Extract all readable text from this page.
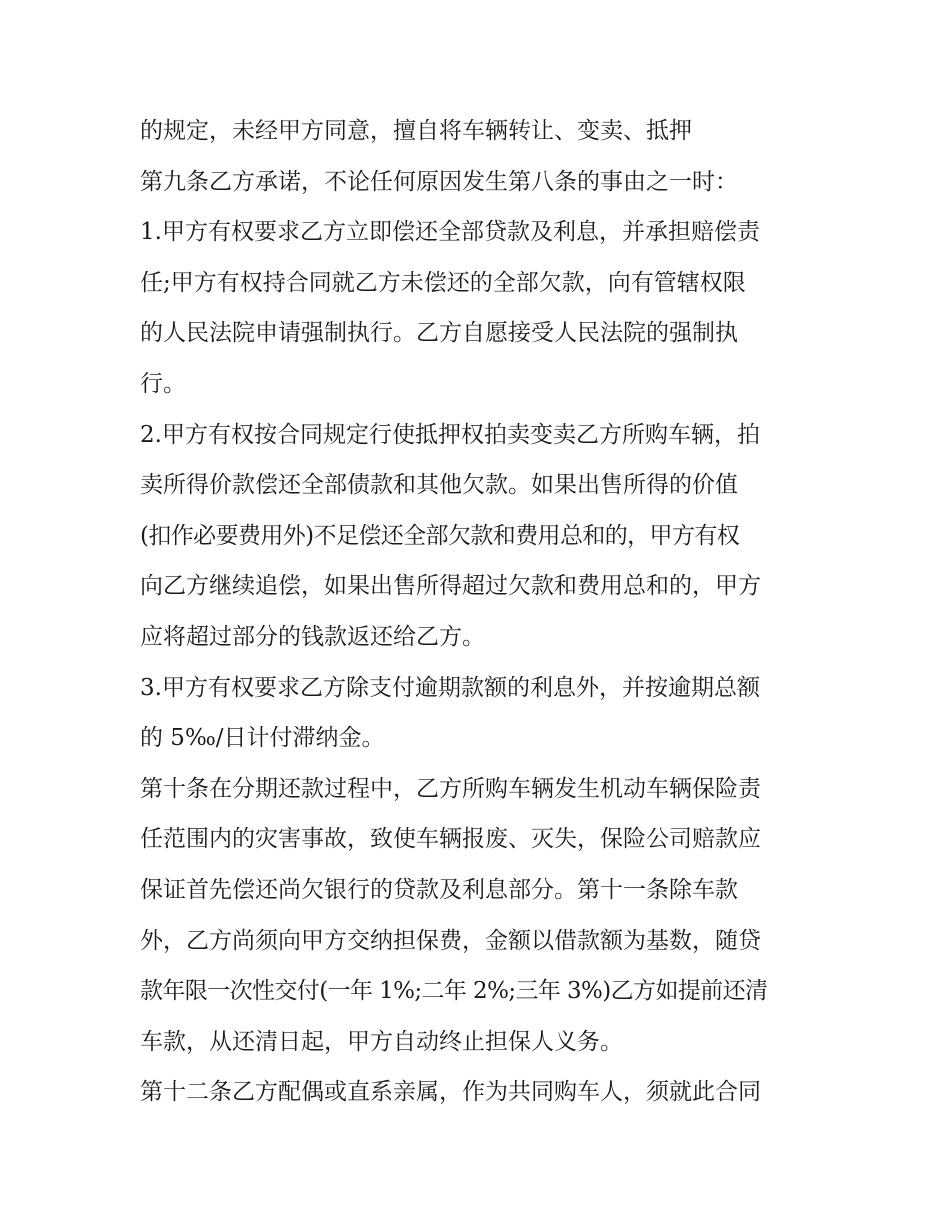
的规定，未经甲方同意，擅自将车辆转让、变卖、抵押
第九条乙方承诺，不论任何原因发生第八条的事由之一时：
1.甲方有权要求乙方立即偿还全部贷款及利息，并承担赔偿责
任;甲方有权持合同就乙方未偿还的全部欠款，向有管辖权限
的人民法院申请强制执行。乙方自愿接受人民法院的强制执
行。
2.甲方有权按合同规定行使抵押权拍卖变卖乙方所购车辆，拍
卖所得价款偿还全部债款和其他欠款。如果出售所得的价值
(扣作必要费用外)不足偿还全部欠款和费用总和的，甲方有权
向乙方继续追偿，如果出售所得超过欠款和费用总和的，甲方
应将超过部分的钱款返还给乙方。
3.甲方有权要求乙方除支付逾期款额的利息外，并按逾期总额
的 5‰/日计付滞纳金。
第十条在分期还款过程中，乙方所购车辆发生机动车辆保险责
任范围内的灾害事故，致使车辆报废、灭失，保险公司赔款应
保证首先偿还尚欠银行的贷款及利息部分。第十一条除车款
外，乙方尚须向甲方交纳担保费，金额以借款额为基数，随贷
款年限一次性交付(一年 1%;二年 2%;三年 3%)乙方如提前还清
车款，从还清日起，甲方自动终止担保人义务。
第十二条乙方配偶或直系亲属，作为共同购车人，须就此合同
